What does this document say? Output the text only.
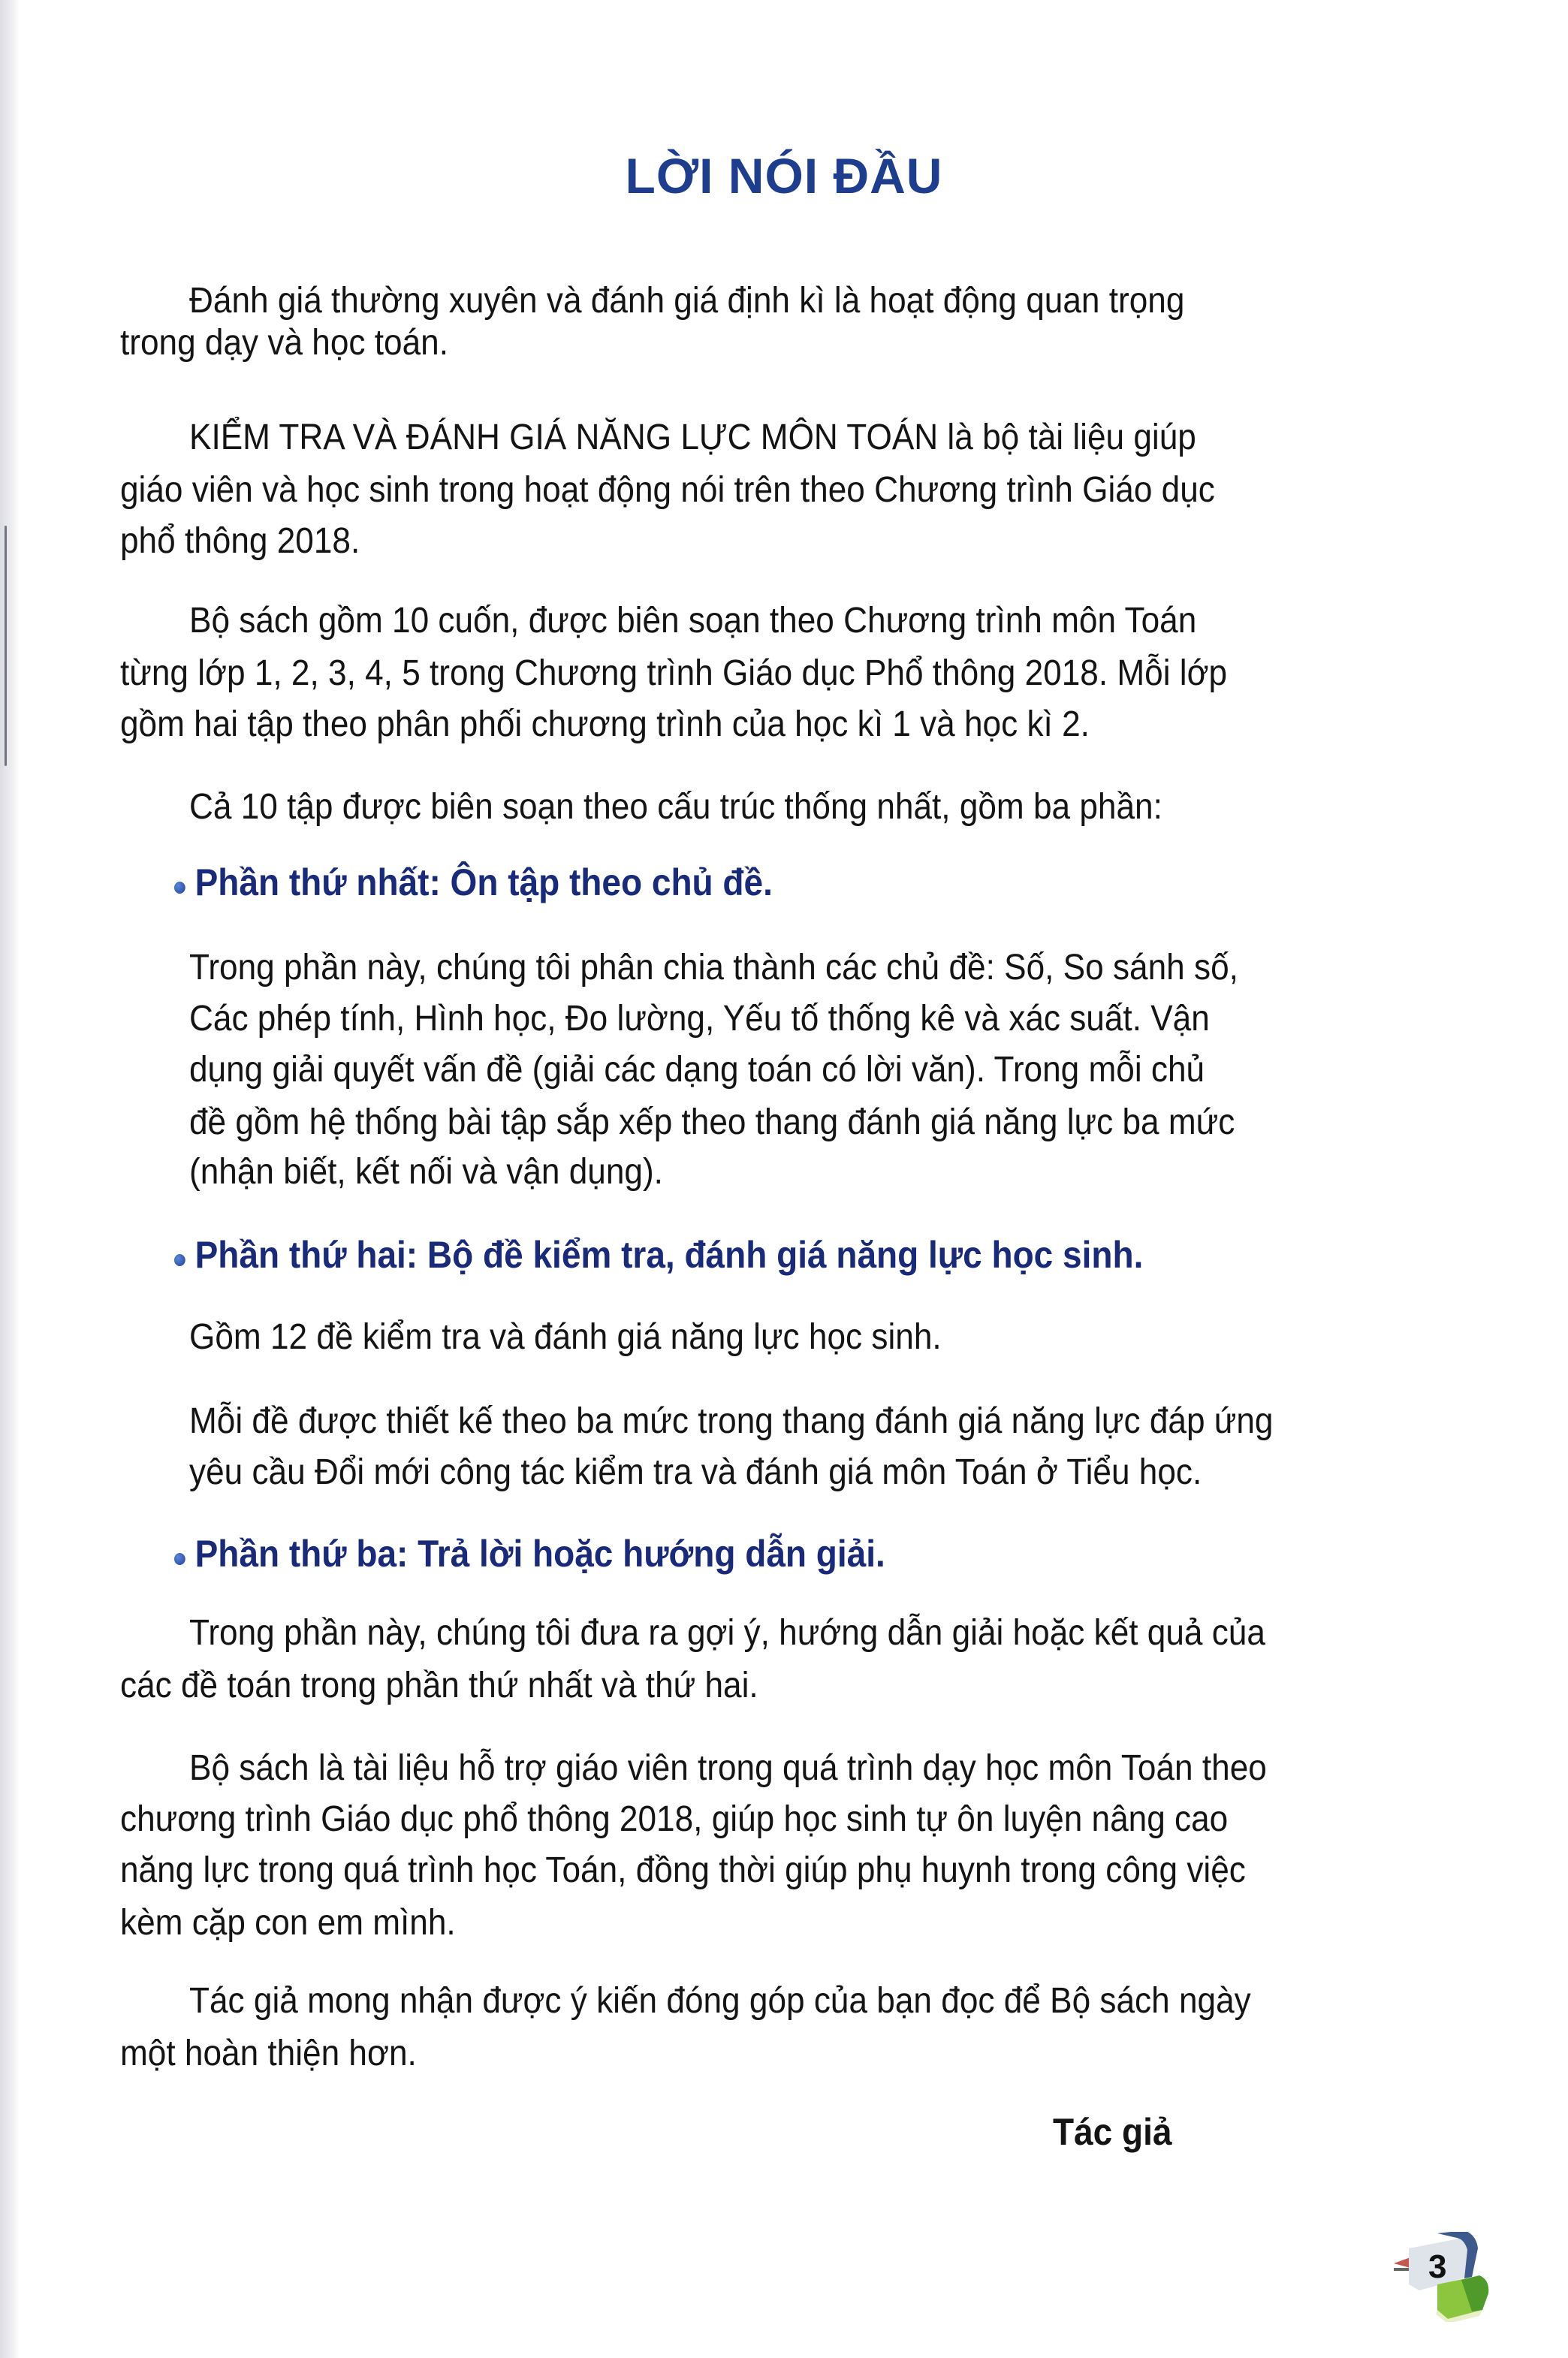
LỜI NÓI ĐẦU
Đánh giá thường xuyên và đánh giá định kì là hoạt động quan trọng
trong dạy và học toán.
KIỂM TRA VÀ ĐÁNH GIÁ NĂNG LỰC MÔN TOÁN là bộ tài liệu giúp
giáo viên và học sinh trong hoạt động nói trên theo Chương trình Giáo dục
phổ thông 2018.
Bộ sách gồm 10 cuốn, được biên soạn theo Chương trình môn Toán
từng lớp 1, 2, 3, 4, 5 trong Chương trình Giáo dục Phổ thông 2018. Mỗi lớp
gồm hai tập theo phân phối chương trình của học kì 1 và học kì 2.
Cả 10 tập được biên soạn theo cấu trúc thống nhất, gồm ba phần:
Phần thứ nhất: Ôn tập theo chủ đề.
Trong phần này, chúng tôi phân chia thành các chủ đề: Số, So sánh số,
Các phép tính, Hình học, Đo lường, Yếu tố thống kê và xác suất. Vận
dụng giải quyết vấn đề (giải các dạng toán có lời văn). Trong mỗi chủ
đề gồm hệ thống bài tập sắp xếp theo thang đánh giá năng lực ba mức
(nhận biết, kết nối và vận dụng).
Phần thứ hai: Bộ đề kiểm tra, đánh giá năng lực học sinh.
Gồm 12 đề kiểm tra và đánh giá năng lực học sinh.
Mỗi đề được thiết kế theo ba mức trong thang đánh giá năng lực đáp ứng
yêu cầu Đổi mới công tác kiểm tra và đánh giá môn Toán ở Tiểu học.
Phần thứ ba: Trả lời hoặc hướng dẫn giải.
Trong phần này, chúng tôi đưa ra gợi ý, hướng dẫn giải hoặc kết quả của
các đề toán trong phần thứ nhất và thứ hai.
Bộ sách là tài liệu hỗ trợ giáo viên trong quá trình dạy học môn Toán theo
chương trình Giáo dục phổ thông 2018, giúp học sinh tự ôn luyện nâng cao
năng lực trong quá trình học Toán, đồng thời giúp phụ huynh trong công việc
kèm cặp con em mình.
Tác giả mong nhận được ý kiến đóng góp của bạn đọc để Bộ sách ngày
một hoàn thiện hơn.
Tác giả
3
